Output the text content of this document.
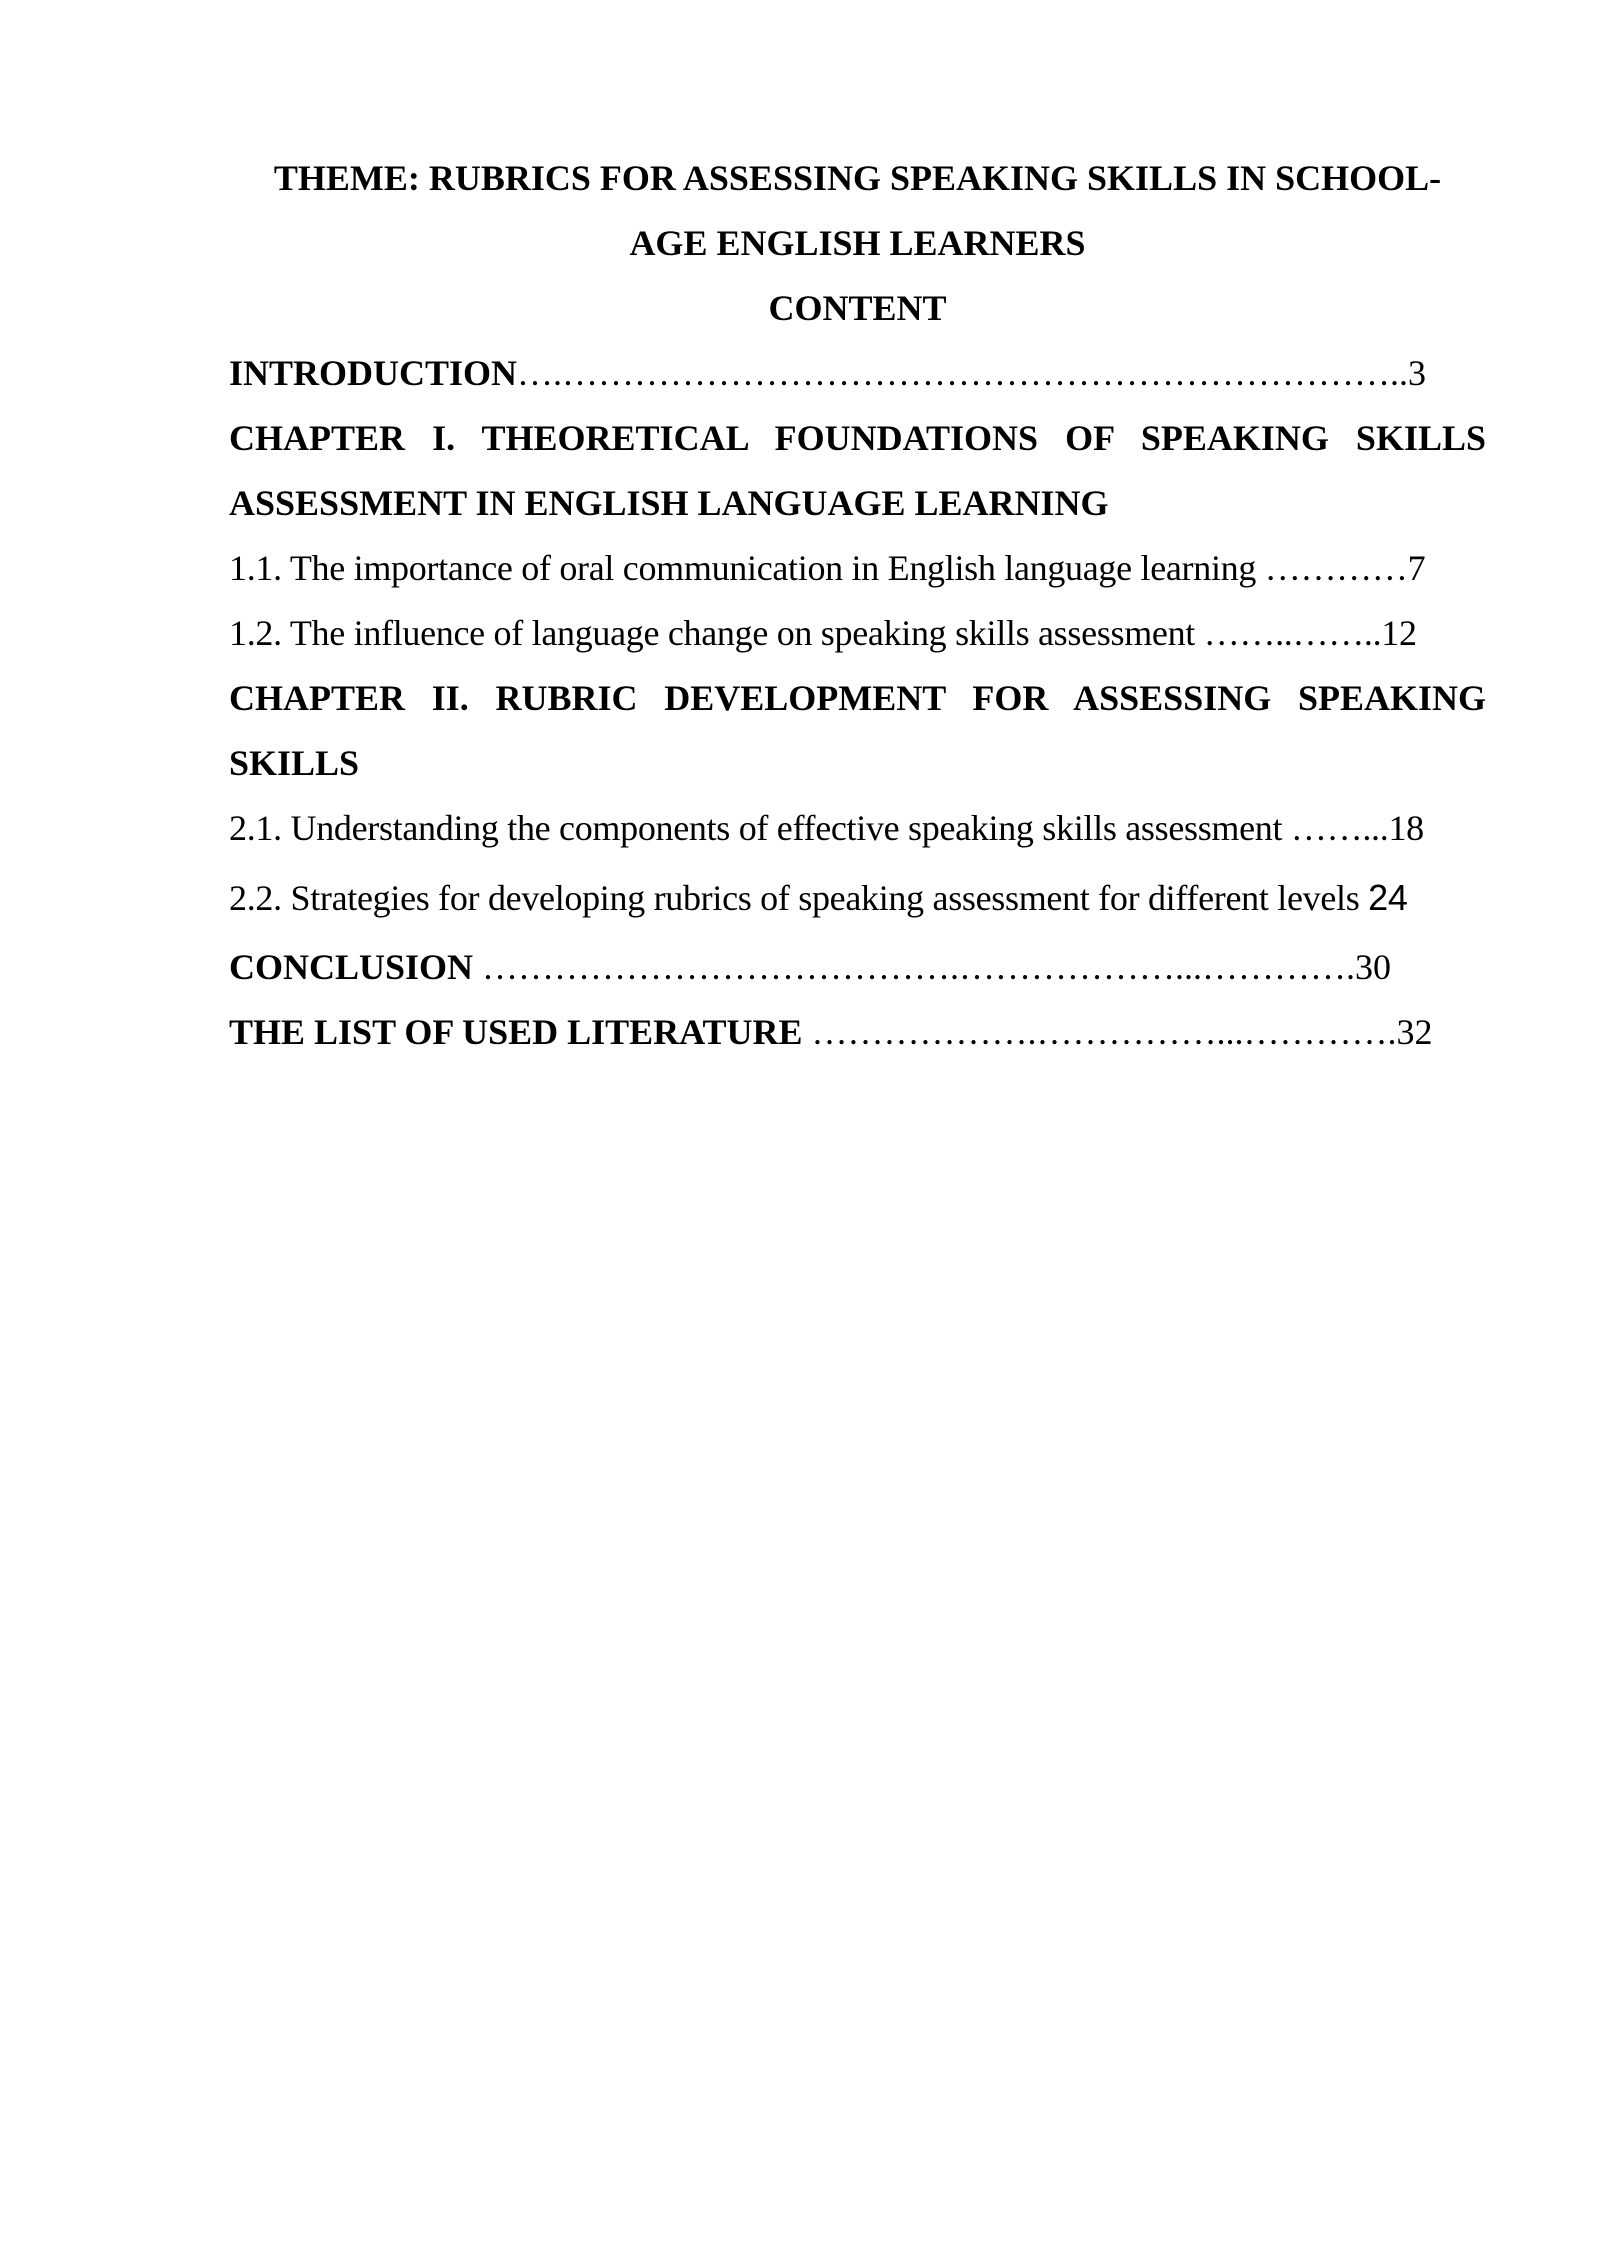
THEME: RUBRICS FOR ASSESSING SPEAKING SKILLS IN SCHOOL-
AGE ENGLISH LEARNERS
CONTENT
INTRODUCTION….……………………………………………………………..3
CHAPTER I. THEORETICAL FOUNDATIONS OF SPEAKING SKILLS ASSESSMENT IN ENGLISH LANGUAGE LEARNING
1.1. The importance of oral communication in English language learning …………7
1.2. The influence of language change on speaking skills assessment ……..……..12
CHAPTER II. RUBRIC DEVELOPMENT FOR ASSESSING SPEAKING SKILLS
2.1. Understanding the components of effective speaking skills assessment ……...18
2.2. Strategies for developing rubrics of speaking assessment for different levels 24
CONCLUSION ………………………………….………………...………….30
THE LIST OF USED LITERATURE ……………….……………...………….32
